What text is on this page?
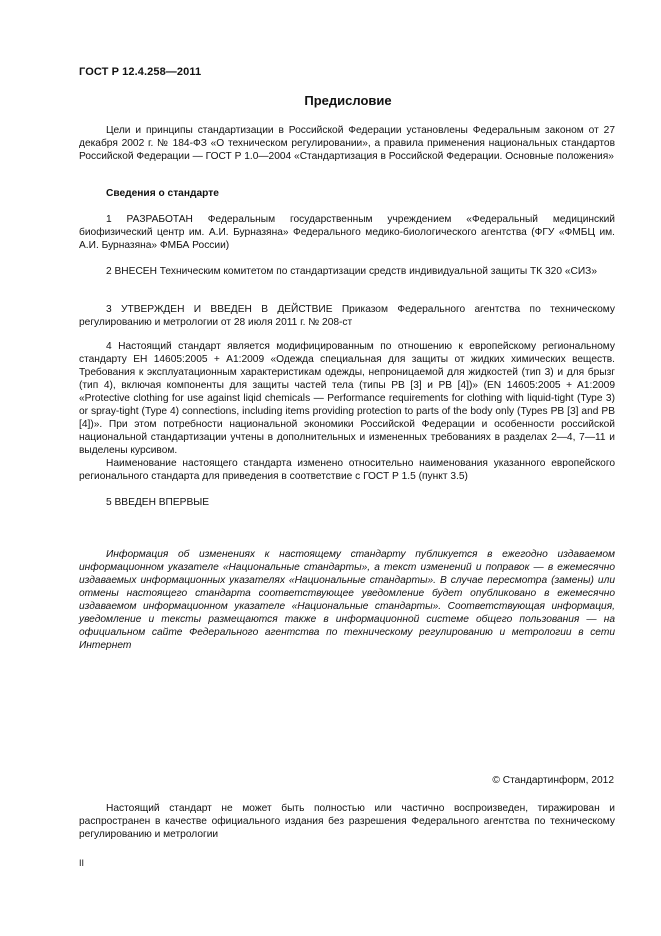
ГОСТ Р 12.4.258—2011
Предисловие

Цели и принципы стандартизации в Российской Федерации установлены Федеральным законом от 27 декабря 2002 г. № 184-ФЗ «О техническом регулировании», а правила применения национальных стандартов Российской Федерации — ГОСТ Р 1.0—2004 «Стандартизация в Российской Федерации. Основные положения»

Сведения о стандарте

1 РАЗРАБОТАН Федеральным государственным учреждением «Федеральный медицинский биофизический центр им. А.И. Бурназяна» Федерального медико-биологического агентства (ФГУ «ФМБЦ им. А.И. Бурназяна» ФМБА России)

2 ВНЕСЕН Техническим комитетом по стандартизации средств индивидуальной защиты ТК 320 «СИЗ»

3 УТВЕРЖДЕН И ВВЕДЕН В ДЕЙСТВИЕ Приказом Федерального агентства по техническому регулированию и метрологии от 28 июля 2011 г. № 208-ст

4 Настоящий стандарт является модифицированным по отношению к европейскому региональному стандарту ЕН 14605:2005 + А1:2009 «Одежда специальная для защиты от жидких химических веществ. Требования к эксплуатационным характеристикам одежды, непроницаемой для жидкостей (тип 3) и для брызг (тип 4), включая компоненты для защиты частей тела (типы РВ [3] и РВ [4])» (EN 14605:2005 + A1:2009 «Protective clothing for use against liqid chemicals — Performance requirements for clothing with liquid-tight (Type 3) or spray-tight (Type 4) connections, including items providing protection to parts of the body only (Types PB [3] and PB [4])». При этом потребности национальной экономики Российской Федерации и особенности российской национальной стандартизации учтены в дополнительных и измененных требованиях в разделах 2—4, 7—11 и выделены курсивом.

Наименование настоящего стандарта изменено относительно наименования указанного европейского регионального стандарта для приведения в соответствие с ГОСТ Р 1.5 (пункт 3.5)

5 ВВЕДЕН ВПЕРВЫЕ

Информация об изменениях к настоящему стандарту публикуется в ежегодно издаваемом информационном указателе «Национальные стандарты», а текст изменений и поправок — в ежемесячно издаваемых информационных указателях «Национальные стандарты». В случае пересмотра (замены) или отмены настоящего стандарта соответствующее уведомление будет опубликовано в ежемесячно издаваемом информационном указателе «Национальные стандарты». Соответствующая информация, уведомление и тексты размещаются также в информационной системе общего пользования — на официальном сайте Федерального агентства по техническому регулированию и метрологии в сети Интернет

© Стандартинформ, 2012

Настоящий стандарт не может быть полностью или частично воспроизведен, тиражирован и распространен в качестве официального издания без разрешения Федерального агентства по техническому регулированию и метрологии

II
